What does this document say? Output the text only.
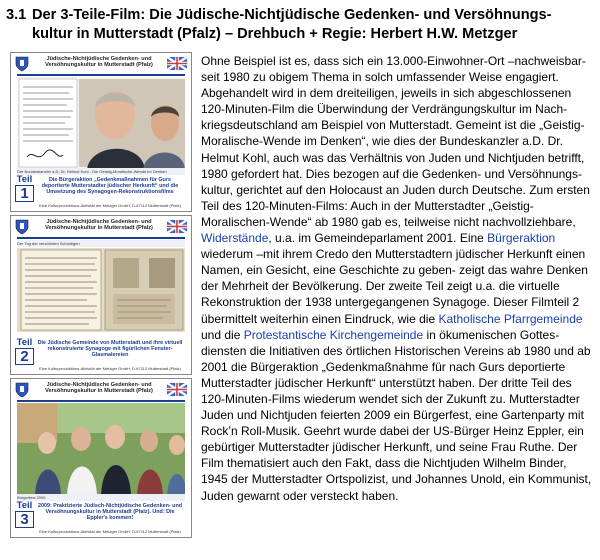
3.1 Der 3-Teile-Film: Die Jüdische-Nichtjüdische Gedenken- und Versöhnungs-
kultur in Mutterstadt (Pfalz) – Drehbuch + Regie: Herbert H.W. Metzger
Jüdische-Nichtjüdische Gedenken- und Versöhnungskultur in Mutterstadt (Pfalz)
Der Bundeskanzler a.D. Dr. Helmut Kohl - Die Geistig-Moralische-Wende im Denken
Teil
1
Die Bürgeraktion „Gedenkmaßnahmen für Gurs deportierte Mutterstadter jüdischer Herkunft“ und die Umsetzung des Synagogen-Rekonstruktionsfilms
Eine Kulturproduktions-Aktivität der Metzger GmbH, D-67112 Mutterstadt (Pfalz)
Jüdische-Nichtjüdische Gedenken- und Versöhnungskultur in Mutterstadt (Pfalz)
Der Tag der versöhnten Schuldigen
Teil
2
Die Jüdische Gemeinde von Mutterstadt und ihre virtuell rekonstruierte Synagoge mit figürlichen Fenster-Glasmalereien
Eine Kulturproduktions-Aktivität der Metzger GmbH, D-67112 Mutterstadt (Pfalz)
Jüdische-Nichtjüdische Gedenken- und Versöhnungskultur in Mutterstadt (Pfalz)
Bürgerfest 2009
Teil
3
2009: Praktizierte Jüdisch-Nichtjüdische Gedenken- und Versöhnungskultur in Mutterstadt (Pfalz). Und: Die Eppler's kommen!
Eine Kulturproduktions-Aktivität der Metzger GmbH, D-67112 Mutterstadt (Pfalz)

Ohne Beispiel ist es, dass sich ein 13.000-Einwohner-Ort –nachweisbar-seit 1980 zu obigem Thema in solch umfassender Weise engagiert. Abgehandelt wird in dem dreiteiligen, jeweils in sich abgeschlossenen 120-Minuten-Film die Überwindung der Verdrängungskultur im Nach-kriegsdeutschland am Beispiel von Mutterstadt. Gemeint ist die „Geistig-Moralische-Wende im Denken“, wie dies der Bundeskanzler a.D. Dr. Helmut Kohl, auch was das Verhältnis von Juden und Nichtjuden betrifft, 1980 gefordert hat. Dies bezogen auf die Gedenken- und Versöhnungs-kultur, gerichtet auf den Holocaust an Juden durch Deutsche. Zum ersten Teil des 120-Minuten-Films: Auch in der Mutterstadter „Geistig-Moralischen-Wende“ ab 1980 gab es, teilweise nicht nachvollziehbare, Widerstände, u.a. im Gemeindeparlament 2001. Eine Bürgeraktion wiederum –mit ihrem Credo den Mutterstadtern jüdischer Herkunft einen Namen, ein Gesicht, eine Geschichte zu geben- zeigt das wahre Denken der Mehrheit der Bevölkerung. Der zweite Teil zeigt u.a. die virtuelle Rekonstruktion der 1938 untergegangenen Synagoge. Dieser Filmteil 2 übermittelt weiterhin einen Eindruck, wie die Katholische Pfarrgemeinde und die Protestantische Kirchengemeinde in ökumenischen Gottes-diensten die Initiativen des örtlichen Historischen Vereins ab 1980 und ab 2001 die Bürgeraktion „Gedenkmaßnahme für nach Gurs deportierte Mutterstadter jüdischer Herkunft“ unterstützt haben. Der dritte Teil des 120-Minuten-Films wiederum wendet sich der Zukunft zu. Mutterstadter Juden und Nichtjuden feierten 2009 ein Bürgerfest, eine Gartenparty mit Rock’n Roll-Musik. Geehrt wurde dabei der US-Bürger Heinz Eppler, ein gebürtiger Mutterstadter jüdischer Herkunft, und seine Frau Ruthe. Der Film thematisiert auch den Fakt, dass die Nichtjuden Wilhelm Binder, 1945 der Mutterstadter Ortspolizist, und Johannes Unold, ein Kommunist, Juden gewarnt oder versteckt haben.
